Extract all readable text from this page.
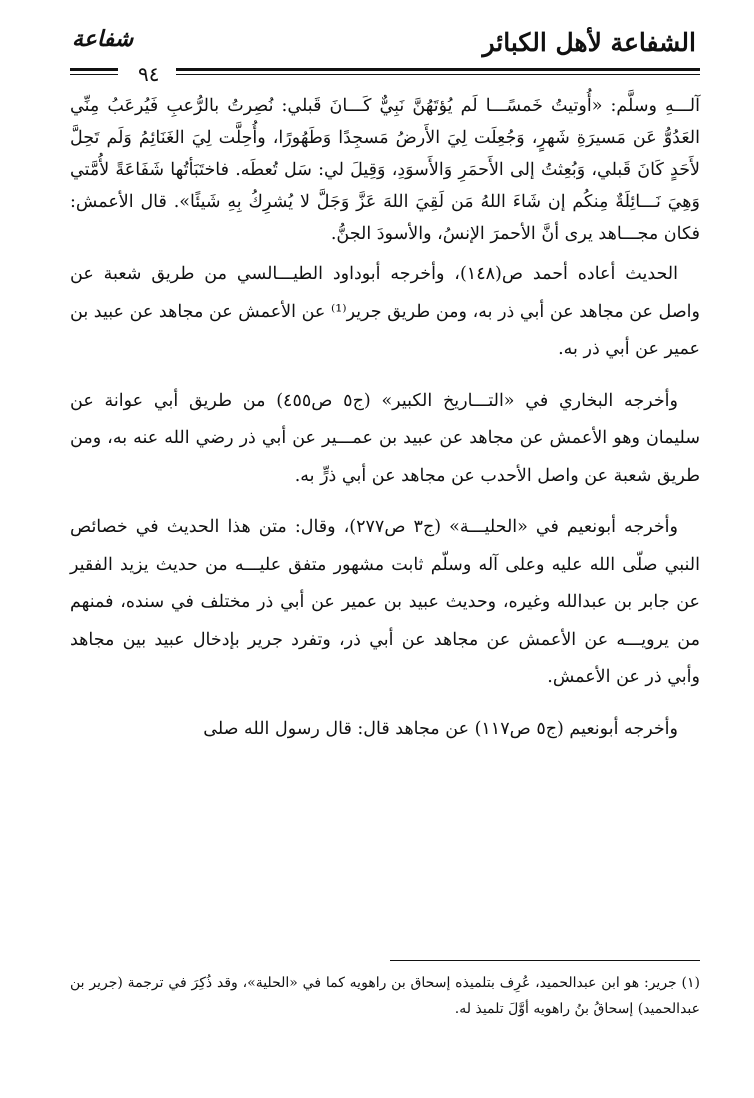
الشفاعة لأهل الكبائر
شفاعة
٩٤

آلـــهِ وسلَّم: «أُوتيتُ خَمسًـــا لَم يُؤتَهُنَّ نَبِيٌّ كَـــانَ قَبلي: نُصِرتُ بالرُّعبِ فَيُرعَبُ مِنِّي العَدُوُّ عَن مَسيرَةِ شَهرٍ، وَجُعِلَت لِيَ الأَرضُ مَسجِدًا وَطَهُورًا، وأُحِلَّت لِيَ الغَنَائِمُ وَلَم تَحِلَّ لأَحَدٍ كَانَ قَبلي، وَبُعِثتُ إلى الأَحمَرِ وَالأَسوَدِ، وَقِيلَ لي: سَل تُعطَه. فاختَبَأتُها شَفَاعَةً لأُمَّتي وَهِيَ نَـــائِلَةٌ مِنكُم إن شَاءَ اللهُ مَن لَقِيَ اللهَ عَزَّ وَجَلَّ لا يُشرِكُ بِهِ شَيئًا». قال الأعمش: فكان مجـــاهد يرى أنَّ الأحمرَ الإنسُ، والأسودَ الجنُّ.

الحديث أعاده أحمد ص(١٤٨)، وأخرجه أبوداود الطيـــالسي من طريق شعبة عن واصل عن مجاهد عن أبي ذر به، ومن طريق جرير⁽¹⁾ عن الأعمش عن مجاهد عن عبيد بن عمير عن أبي ذر به.

وأخرجه البخاري في «التـــاريخ الكبير» (ج٥ ص٤٥٥) من طريق أبي عوانة عن سليمان وهو الأعمش عن مجاهد عن عبيد بن عمـــير عن أبي ذر رضي الله عنه به، ومن طريق شعبة عن واصل الأحدب عن مجاهد عن أبي ذرٍّ به.

وأخرجه أبونعيم في «الحليـــة» (ج٣ ص٢٧٧)، وقال: متن هذا الحديث في خصائص النبي صلّى الله عليه وعلى آله وسلّم ثابت مشهور متفق عليـــه من حديث يزيد الفقير عن جابر بن عبدالله وغيره، وحديث عبيد بن عمير عن أبي ذر مختلف في سنده، فمنهم من يرويـــه عن الأعمش عن مجاهد عن أبي ذر، وتفرد جرير بإدخال عبيد بين مجاهد وأبي ذر عن الأعمش.

وأخرجه أبونعيم (ج٥ ص١١٧) عن مجاهد قال: قال رسول الله صلى

(١) جرير: هو ابن عبدالحميد، عُرِف بتلميذه إسحاق بن راهويه كما في «الحلية»، وقد ذُكِرَ في ترجمة (جرير بن عبدالحميد) إسحاقُ بنُ راهويه أوَّلَ تلميذ له.
